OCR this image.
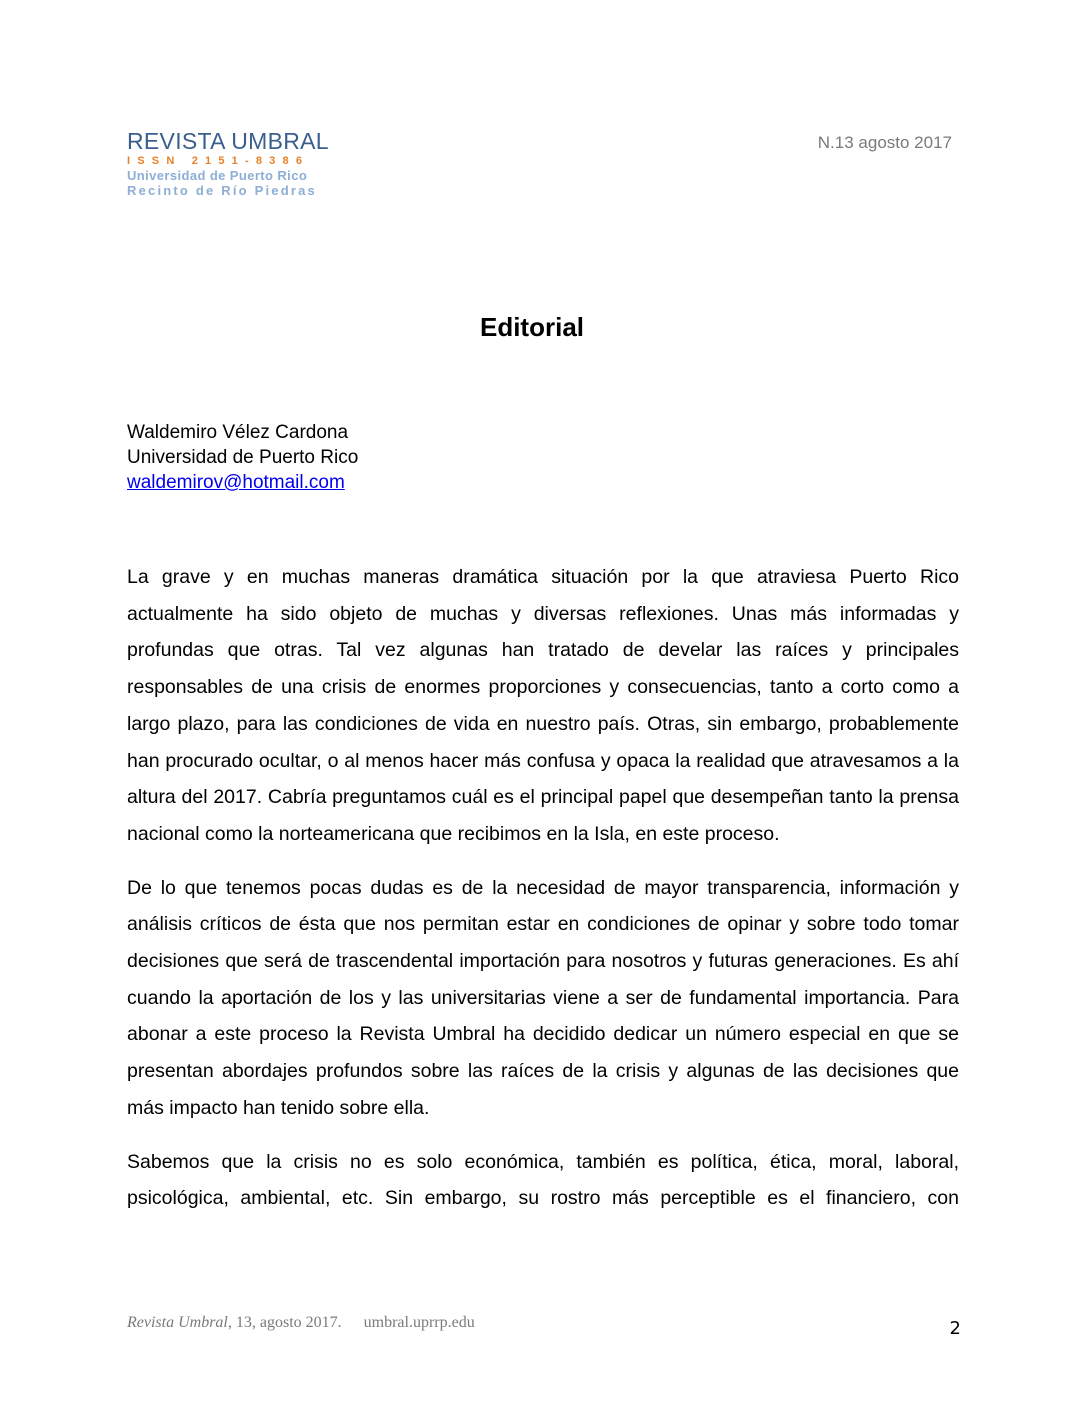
REVISTA UMBRAL
ISSN 2151-8386
Universidad de Puerto Rico
Recinto de Río Piedras
N.13 agosto 2017
Editorial
Waldemiro Vélez Cardona
Universidad de Puerto Rico
waldemirov@hotmail.com

La grave y en muchas maneras dramática situación por la que atraviesa Puerto Rico actualmente ha sido objeto de muchas y diversas reflexiones. Unas más informadas y profundas que otras. Tal vez algunas han tratado de develar las raíces y principales responsables de una crisis de enormes proporciones y consecuencias, tanto a corto como a largo plazo, para las condiciones de vida en nuestro país. Otras, sin embargo, probablemente han procurado ocultar, o al menos hacer más confusa y opaca la realidad que atravesamos a la altura del 2017. Cabría preguntamos cuál es el principal papel que desempeñan tanto la prensa nacional como la norteamericana que recibimos en la Isla, en este proceso.

De lo que tenemos pocas dudas es de la necesidad de mayor transparencia, información y análisis críticos de ésta que nos permitan estar en condiciones de opinar y sobre todo tomar decisiones que será de trascendental importación para nosotros y futuras generaciones. Es ahí cuando la aportación de los y las universitarias viene a ser de fundamental importancia. Para abonar a este proceso la Revista Umbral ha decidido dedicar un número especial en que se presentan abordajes profundos sobre las raíces de la crisis y algunas de las decisiones que más impacto han tenido sobre ella.

Sabemos que la crisis no es solo económica, también es política, ética, moral, laboral, psicológica, ambiental, etc. Sin embargo, su rostro más perceptible es el financiero, con

Revista Umbral, 13, agosto 2017. umbral.uprrp.edu	2
